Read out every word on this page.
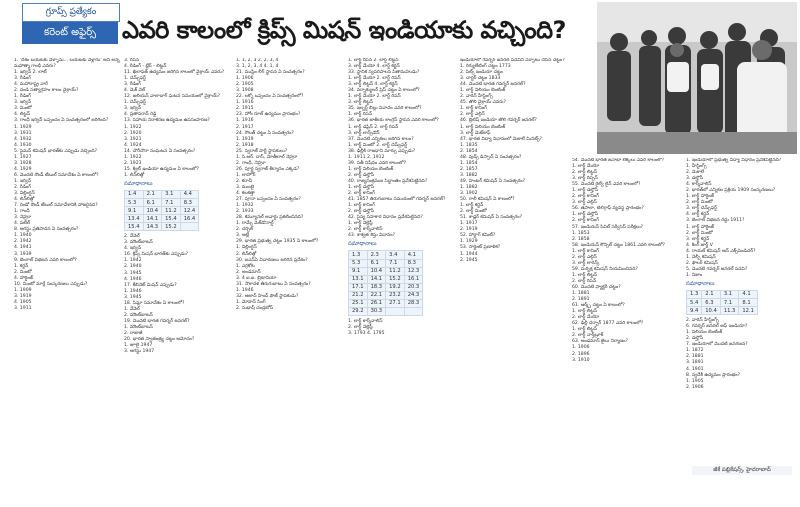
గ్రూప్స్ ప్రత్యేకం
కరెంట్ అఫైర్స్	ఎవరి కాలంలో క్రిప్స్ మిషన్ ఇండియాకు వచ్చింది?

1. 'దేశం బయటకు వెళ్ళాను... బయటకు వెళ్లాను' అని అన్న మహాత్మా గాంధీ ఎవరు?

1. ఇర్విన్ 2. లాట్

3. రీడింగ్

4. మహారాష్ట్ర వారే

2. దండి సత్యాగ్రహం కాలం వైశ్రాయ్?

1. రీడింగ్

3. ఇర్విన్

3. మింటో

4. లిట్టన్

3. గాంధీ ఇర్విన్ ఒప్పందం ఏ సంవత్సరంలో జరిగింది?

1. 1929

3. 1931

4. 1932

4. 1930

5. సైమన్ కమిషన్ భారత్‌కు ఎప్పుడు వచ్చింది?

1. 1927

3. 1928

4. 1929

6. మొదటి రౌండ్ టేబుల్ సమావేశం ఏ కాలంలో?

1. ఇర్విన్

2. రీడింగ్

3. విల్లింగ్డన్

4. లిన్‌లిత్గో

7. రెండో రౌండ్ టేబుల్ సమావేశానికి హాజరైనది?

1. గాంధీ

3. నెహ్రూ

4. పటేల్

8. ఆగస్టు ప్రతిపాదన ఏ సంవత్సరం?

1. 1940

2. 1942

4. 1941

3. 1939

9. బెంగాల్ విభజన ఎవరి కాలంలో?

1. కర్జన్

2. మింటో

4. హార్డింజ్

10. మింటో మార్లే సంస్కరణలు ఎప్పుడు?

1. 1909

3. 1919

4. 1905

3. 1911

3. రిపన్

4. రీడింగ్ - బ్లేర్ - లిట్టన్

11. ఖిలాఫత్ ఉద్యమం జరిగిన కాలంలో వైశ్రాయ్ ఎవరు?

1. చెమ్స్‌ఫర్డ్

3. రీడింగ్

4. మెక్ వెల్

12. జలియన్ వాలాబాగ్ ఘటన సమయంలో వైశ్రాయ్?

1. చెమ్స్‌ఫర్డ్

3. ఇర్విన్

4. ప్రతాపరావ్ రెడ్డి

13. సహాయ నిరాకరణ ఉద్యమం ఉపసంహరణ?

1. 1922

2. 1920

3. 1921

4. 1924

14. చౌరీచౌరా సంఘటన ఏ సంవత్సరం?

1. 1922

2. 1923

15. క్విట్ ఇండియా ఉద్యమం ఏ కాలంలో?

1. లిన్‌లిత్గో

సమాధానాలు
1.4	2.1	3.1	4.4
5.3	6.1	7.1	8.3
9.1	10.4	11.2	12.4
13.4	14.1	15.4	16.4
15.4	14.3	15.2	

2. వేవెల్

3. మౌంట్‌బాటన్

4. ఇర్విన్

16. క్రిప్స్ మిషన్ భారత్‌కు ఎప్పుడు?

1. 1942

2. 1940

3. 1945

4. 1946

17. కేబినెట్ మిషన్ ఎప్పుడు?

1. 1946

3. 1945

18. సిమ్లా సమావేశం ఏ కాలంలో?

1. వేవెల్

2. మౌంట్‌బాటన్

19. మొదటి భారత గవర్నర్ జనరల్?

1. మౌంట్‌బాటన్

2. రాజాజీ

20. భారత స్వాతంత్ర్య చట్టం ఆమోదం?

1. జూలై 1947

3. ఆగస్టు 1947

1. 1, 2, 3 2. 2, 3, 4

3. 1, 2, 3, 4 4. 1, 4

21. ముస్లిం లీగ్ స్థాపన ఏ సంవత్సరం?

1. 1906

2. 1905

3. 1908

22. లక్నో ఒప్పందం ఏ సంవత్సరంలో?

1. 1916

2. 1915

23. హోం రూల్ ఉద్యమం ప్రారంభం?

1. 1916

2. 1917

24. రౌలత్ చట్టం ఏ సంవత్సరం?

1. 1919

2. 1918

25. స్వరాజ్ పార్టీ స్థాపకులు?

1. సి.ఆర్. దాస్, మోతీలాల్ నెహ్రూ

2. గాంధీ, నెహ్రూ

26. పూర్ణ స్వరాజ్ తీర్మానం ఎక్కడ?

1. లాహోర్

2. కరాచీ

3. ముంబై

4. కలకత్తా

27. పూనా ఒప్పందం ఏ సంవత్సరం?

1. 1932

2. 1933

28. కమ్యూనల్ అవార్డు ప్రకటించినది?

1. రామ్సే మెక్‌డొనాల్డ్

2. చర్చిల్

3. అట్లీ

29. భారత ప్రభుత్వ చట్టం 1935 ఏ కాలంలో?

1. విల్లింగ్డన్

2. లిన్‌లిత్గో

30. ఐఎన్ఏ విచారణలు జరిగిన ప్రదేశం?

1. ఎర్రకోట

2. అండమాన్

3. 4 ఐ.ఐ. బ్రిటానియా

31. నౌకాదళ తిరుగుబాటు ఏ సంవత్సరం?

1. 1946

32. ఆజాద్ హింద్ ఫౌజ్ స్థాపకుడు?

1. మోహన్ సింగ్

2. సుభాష్ చంద్రబోస్

1. లార్డ్ రిపన్ 2. లార్డ్ లిట్టన్

3. లార్డ్ మేయో 4. లార్డ్ కర్జన్

33. స్థానిక స్వపరిపాలన పితామహుడు?

1. లార్డ్ మేయో 2. లార్డ్ రిపన్

3. లార్డ్ లిట్టన్ 4. లార్డ్ కర్జన్

34. వర్నాక్యులర్ ప్రెస్ చట్టం ఏ కాలంలో?

1. లార్డ్ మేయో 2. లార్డ్ రిపన్

3. లార్డ్ లిట్టన్

35. ఇల్బర్ట్ బిల్లు వివాదం ఎవరి కాలంలో?

1. లార్డ్ రిపన్

36. భారత జాతీయ కాంగ్రెస్ స్థాపన ఎవరి కాలంలో?

1. లార్డ్ డఫ్రిన్ 2. లార్డ్ రిపన్

3. లార్డ్ లాన్స్‌డౌన్

37. మొదటి ఎన్నికలు జరిగిన కాలం?

1. లార్డ్ మింటో 2. లార్డ్ చెమ్స్‌ఫర్డ్

38. ఢిల్లీకి రాజధాని మార్పు ఎప్పుడు?

1. 1911 2. 1912

39. సతీ నిషేధం ఎవరి కాలంలో?

1. లార్డ్ విలియం బెంటింక్

2. లార్డ్ డల్హౌసీ

40. రాజ్యసంక్రమణ సిద్ధాంతం ప్రవేశపెట్టినది?

1. లార్డ్ డల్హౌసీ

2. లార్డ్ కానింగ్

41. 1857 తిరుగుబాటు సమయంలో గవర్నర్ జనరల్?

1. లార్డ్ కానింగ్

2. లార్డ్ డల్హౌసీ

42. సైన్య సహకార విధానం ప్రవేశపెట్టినది?

1. లార్డ్ వెల్లెస్లీ

2. లార్డ్ కార్న్‌వాలిస్

43. శాశ్వత శిస్తు విధానం?

సమాధానాలు
1.3	2.3	3.4	4.1
5.3	6.1	7.1	8.3
9.1	10.4	11.2	12.3
13.1	14.1	15.2	16.1
17.1	18.3	19.2	20.3
21.2	22.1	23.2	24.3
25.1	26.1	27.1	28.3
29.2	30.3		

1. లార్డ్ కార్న్‌వాలిస్

2. లార్డ్ వెల్లెస్లీ

3. 1793 4. 1795

ఇండియాలో గవర్నర్ జనరల్ పదవిని ఏర్పాటు చేసిన చట్టం?

1. రెగ్యులేటింగ్ చట్టం 1773

2. పిట్స్ ఇండియా చట్టం

3. చార్టర్ చట్టం 1833

44. మొదటి భారత గవర్నర్ జనరల్?

1. లార్డ్ విలియం బెంటింక్

2. వారెన్ హేస్టింగ్స్

45. తొలి వైశ్రాయ్ ఎవరు?

1. లార్డ్ కానింగ్

2. లార్డ్ ఎల్గిన్

46. బ్రిటిష్ ఇండియా తొలి గవర్నర్ జనరల్?

1. లార్డ్ విలియం బెంటింక్

3. లార్డ్ మెట్‌కాఫ్

47. భారత విద్యా విధానంలో మెకాలే మినిట్స్?

1. 1835

2. 1854

48. వుడ్స్ డిస్పాచ్ ఏ సంవత్సరం?

1. 1854

2. 1857

3. 1882

49. హంటర్ కమిషన్ ఏ సంవత్సరం?

1. 1882

3. 1902

50. రాలీ కమిషన్ ఏ కాలంలో?

1. లార్డ్ కర్జన్

2. లార్డ్ మింటో

51. శాడ్లర్ కమిషన్ ఏ సంవత్సరం?

1. 1917

2. 1919

52. హార్టాగ్ కమిటీ?

1. 1929

53. సార్జెంట్ ప్రణాళిక?

1. 1944

2. 1945

54. మొదటి భారత జనాభా లెక్కలు ఎవరి కాలంలో?

1. లార్డ్ మేయో

2. లార్డ్ లిట్టన్

3. లార్డ్ రిప్పన్

55. మొదటి రైల్వే లైన్ ఎవరి కాలంలో?

1. లార్డ్ డల్హౌసీ

2. లార్డ్ కానింగ్

3. లార్డ్ ఎల్గిన్

56. తపాలా, టెలిగ్రాఫ్ వ్యవస్థ ప్రారంభం?

1. లార్డ్ డల్హౌసీ

2. లార్డ్ కానింగ్

57. ఇండియన్ సివిల్ సర్వీసెస్ పరీక్షలు?

1. 1853

2. 1858

58. ఇండియన్ కౌన్సిల్ చట్టం 1861 ఎవరి కాలంలో?

1. లార్డ్ కానింగ్

2. లార్డ్ ఎల్గిన్

3. లార్డ్ లారెన్స్

59. దుర్భిక్ష కమిషన్ నియమించినది?

1. లార్డ్ లిట్టన్

2. లార్డ్ రిపన్

60. మొదటి ఫ్యాక్టరీ చట్టం?

1. 1881

2. 1891

61. ఆర్మ్స్ చట్టం ఏ కాలంలో?

1. లార్డ్ లిట్టన్

2. లార్డ్ మేయో

62. ఢిల్లీ దర్బార్ 1877 ఎవరి కాలంలో?

1. లార్డ్ లిట్టన్

2. లార్డ్ నార్త్‌బ్రూక్

63. అండమాన్ జైలు నిర్మాణం?

1. 1906

2. 1896

3. 1910

1. ఇండియాలో ప్రభుత్వ విద్యా విధానం ప్రవేశపెట్టినది?

1. హేస్టింగ్స్

2. మెకాలే

3. డల్హౌసీ

4. కార్న్‌వాలిస్

2. భారత్‌లో ఎన్నికల ప్రక్రియ 1909 సంస్కరణలు?

1. లార్డ్ హార్డింజ్

2. లార్డ్ మింటో

3. లార్డ్ చెమ్స్‌ఫర్డ్

4. లార్డ్ కర్జన్

3. బెంగాల్ విభజన రద్దు 1911?

1. లార్డ్ హార్డింజ్

2. లార్డ్ మింటో

3. లార్డ్ కర్జన్

4. కింగ్ జార్జ్ V

4. రాయల్ కమిషన్ ఆన్ ఎక్స్‌పెండిచర్?

1. వెల్బీ కమిషన్

2. ఫౌలర్ కమిషన్

5. మొదటి గవర్నర్ జనరల్ పదవి?

1. నిజాం

సమాధానాలు
1.3	2.1	3.1	4.1
5.4	6.3	7.1	8.1
9.4	10.4	11.3	12.1

2. వారెన్ హేస్టింగ్స్

6. గవర్నర్ జనరల్ ఆఫ్ ఇండియా?

1. విలియం బెంటింక్

2. డల్హౌసీ

7. ఇండియాలో మొదటి జనగణన?

1. 1872

2. 1881

3. 1891

4. 1901

8. స్వదేశీ ఉద్యమం ప్రారంభం?

1. 1905

2. 1906

జీకే పబ్లికేషన్స్, హైదరాబాద్
